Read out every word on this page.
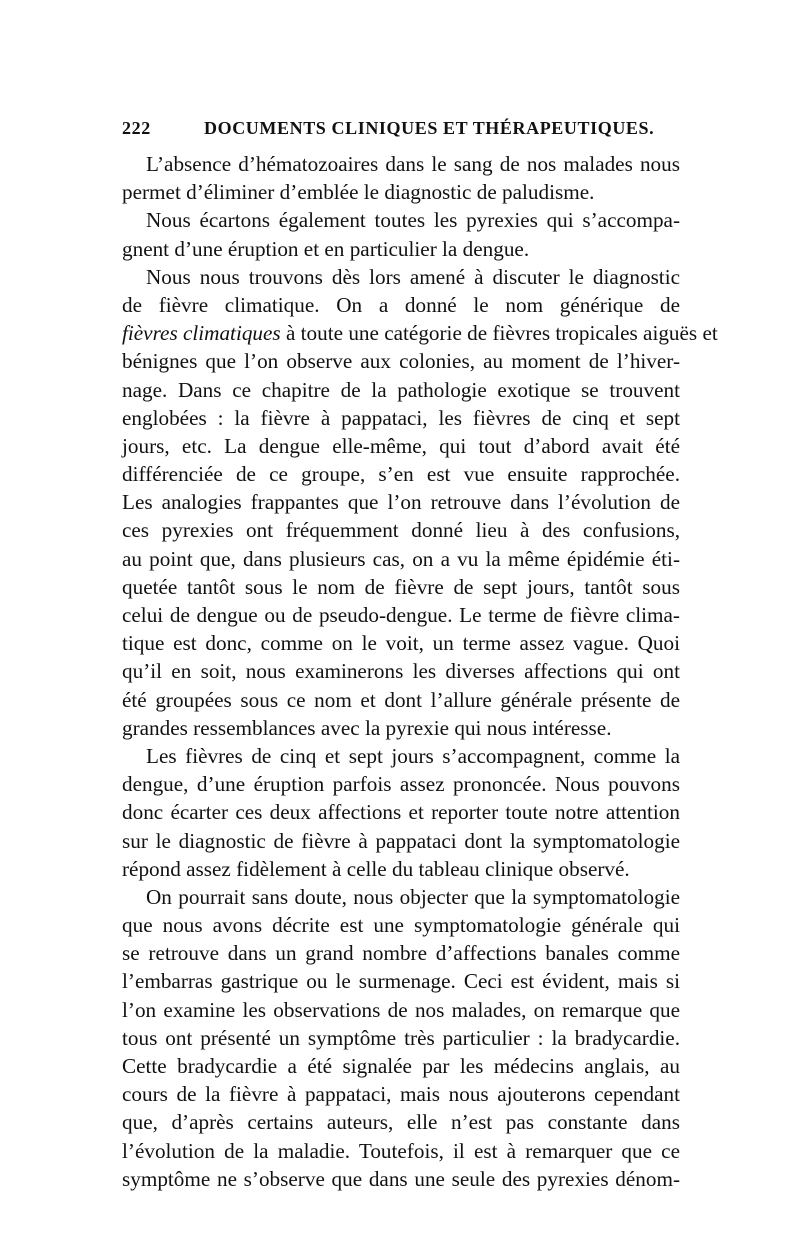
222	DOCUMENTS CLINIQUES ET THÉRAPEUTIQUES.
L’absence d’hématozoaires dans le sang de nos malades nous
permet d’éliminer d’emblée le diagnostic de paludisme.
Nous écartons également toutes les pyrexies qui s’accompa-
gnent d’une éruption et en particulier la dengue.
Nous nous trouvons dès lors amené à discuter le diagnostic
de fièvre climatique. On a donné le nom générique de
fièvres climatiques à toute une catégorie de fièvres tropicales aiguës et
bénignes que l’on observe aux colonies, au moment de l’hiver-
nage. Dans ce chapitre de la pathologie exotique se trouvent
englobées : la fièvre à pappataci, les fièvres de cinq et sept
jours, etc. La dengue elle-même, qui tout d’abord avait été
différenciée de ce groupe, s’en est vue ensuite rapprochée.
Les analogies frappantes que l’on retrouve dans l’évolution de
ces pyrexies ont fréquemment donné lieu à des confusions,
au point que, dans plusieurs cas, on a vu la même épidémie éti-
quetée tantôt sous le nom de fièvre de sept jours, tantôt sous
celui de dengue ou de pseudo-dengue. Le terme de fièvre clima-
tique est donc, comme on le voit, un terme assez vague. Quoi
qu’il en soit, nous examinerons les diverses affections qui ont
été groupées sous ce nom et dont l’allure générale présente de
grandes ressemblances avec la pyrexie qui nous intéresse.
Les fièvres de cinq et sept jours s’accompagnent, comme la
dengue, d’une éruption parfois assez prononcée. Nous pouvons
donc écarter ces deux affections et reporter toute notre attention
sur le diagnostic de fièvre à pappataci dont la symptomatologie
répond assez fidèlement à celle du tableau clinique observé.
On pourrait sans doute, nous objecter que la symptomatologie
que nous avons décrite est une symptomatologie générale qui
se retrouve dans un grand nombre d’affections banales comme
l’embarras gastrique ou le surmenage. Ceci est évident, mais si
l’on examine les observations de nos malades, on remarque que
tous ont présenté un symptôme très particulier : la bradycardie.
Cette bradycardie a été signalée par les médecins anglais, au
cours de la fièvre à pappataci, mais nous ajouterons cependant
que, d’après certains auteurs, elle n’est pas constante dans
l’évolution de la maladie. Toutefois, il est à remarquer que ce
symptôme ne s’observe que dans une seule des pyrexies dénom-
